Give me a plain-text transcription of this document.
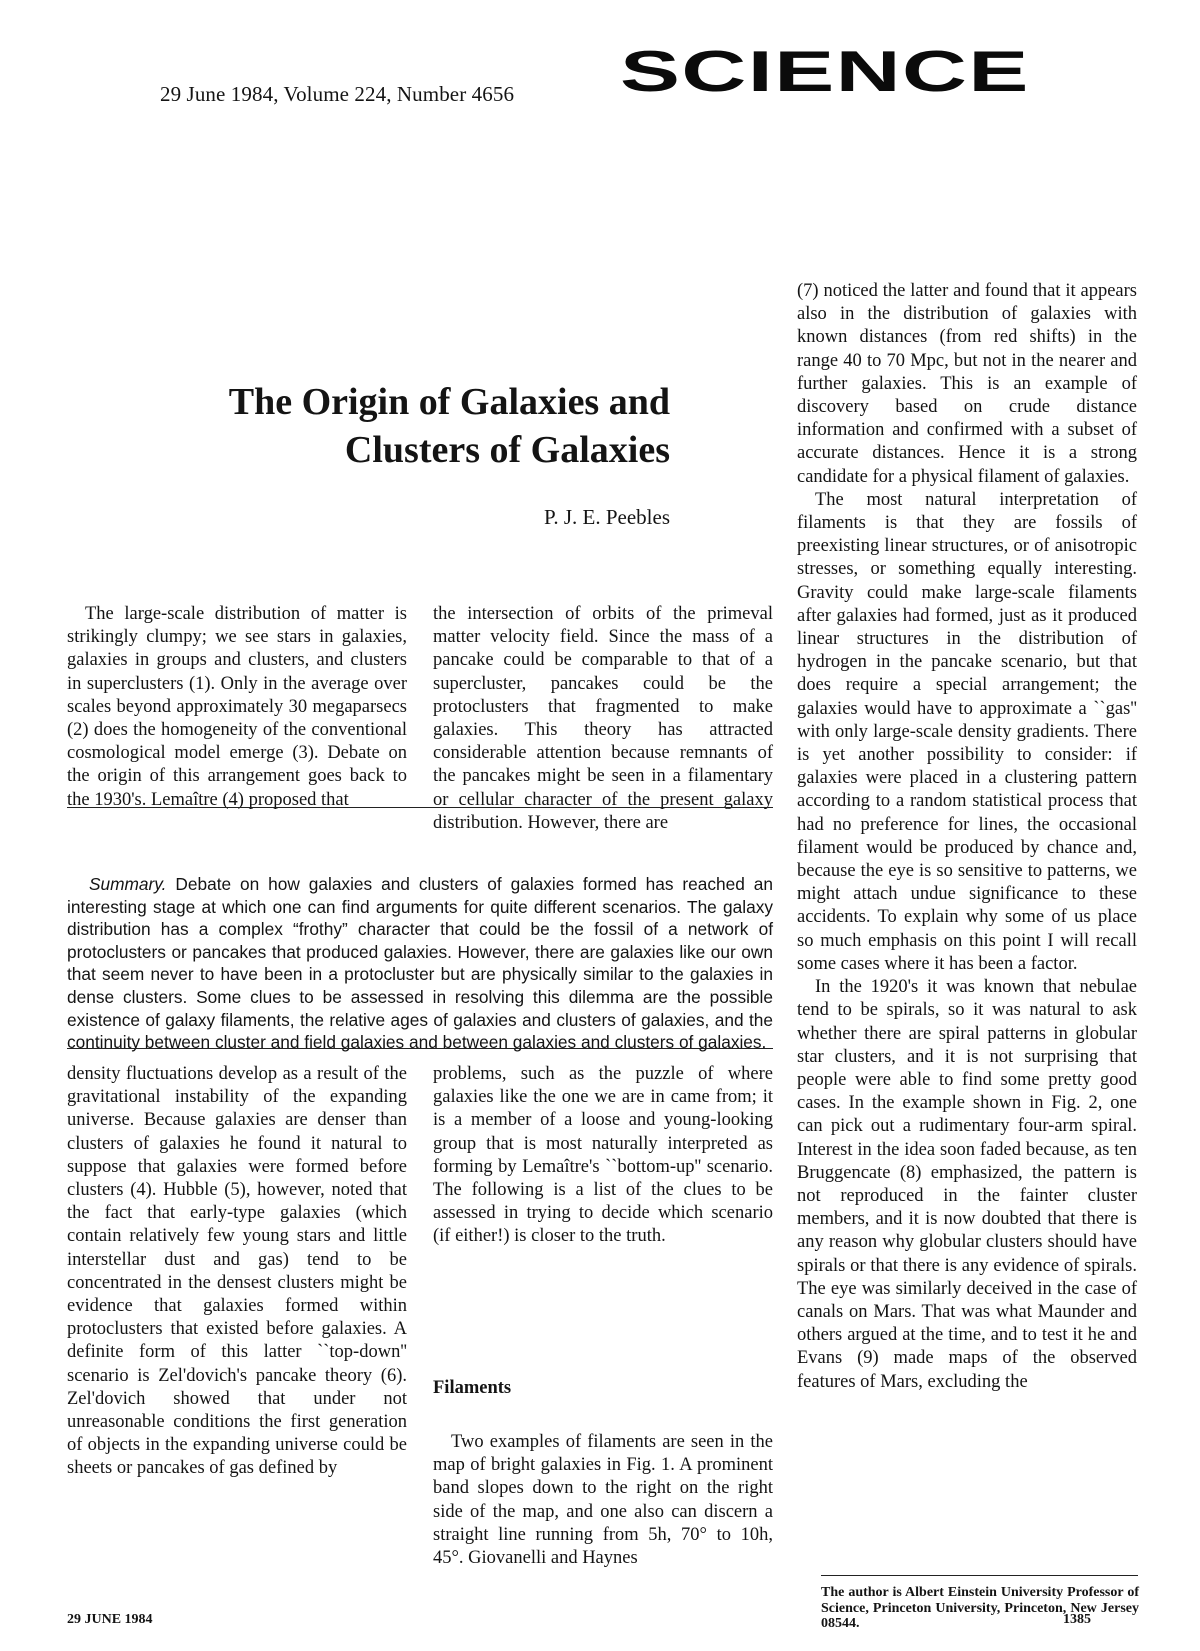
29 June 1984, Volume 224, Number 4656 SCIENCE
The Origin of Galaxies and
Clusters of Galaxies
P. J. E. Peebles

The large-scale distribution of matter is strikingly clumpy; we see stars in galaxies, galaxies in groups and clusters, and clusters in superclusters (1). Only in the average over scales beyond approximately 30 megaparsecs (2) does the homogeneity of the conventional cosmological model emerge (3). Debate on the origin of this arrangement goes back to the 1930's. Lemaître (4) proposed that

the intersection of orbits of the primeval matter velocity field. Since the mass of a pancake could be comparable to that of a supercluster, pancakes could be the protoclusters that fragmented to make galaxies. This theory has attracted considerable attention because remnants of the pancakes might be seen in a filamentary or cellular character of the present galaxy distribution. However, there are

Summary. Debate on how galaxies and clusters of galaxies formed has reached an interesting stage at which one can find arguments for quite different scenarios. The galaxy distribution has a complex “frothy” character that could be the fossil of a network of protoclusters or pancakes that produced galaxies. However, there are galaxies like our own that seem never to have been in a protocluster but are physically similar to the galaxies in dense clusters. Some clues to be assessed in resolving this dilemma are the possible existence of galaxy filaments, the relative ages of galaxies and clusters of galaxies, and the continuity between cluster and field galaxies and between galaxies and clusters of galaxies.

density fluctuations develop as a result of the gravitational instability of the expanding universe. Because galaxies are denser than clusters of galaxies he found it natural to suppose that galaxies were formed before clusters (4). Hubble (5), however, noted that the fact that early-type galaxies (which contain relatively few young stars and little interstellar dust and gas) tend to be concentrated in the densest clusters might be evidence that galaxies formed within protoclusters that existed before galaxies. A definite form of this latter ``top-down'' scenario is Zel'dovich's pancake theory (6). Zel'dovich showed that under not unreasonable conditions the first generation of objects in the expanding universe could be sheets or pancakes of gas defined by

problems, such as the puzzle of where galaxies like the one we are in came from; it is a member of a loose and young-looking group that is most naturally interpreted as forming by Lemaître's ``bottom-up'' scenario. The following is a list of the clues to be assessed in trying to decide which scenario (if either!) is closer to the truth.

Filaments

Two examples of filaments are seen in the map of bright galaxies in Fig. 1. A prominent band slopes down to the right on the right side of the map, and one also can discern a straight line running from 5h, 70° to 10h, 45°. Giovanelli and Haynes

(7) noticed the latter and found that it appears also in the distribution of galaxies with known distances (from red shifts) in the range 40 to 70 Mpc, but not in the nearer and further galaxies. This is an example of discovery based on crude distance information and confirmed with a subset of accurate distances. Hence it is a strong candidate for a physical filament of galaxies.

The most natural interpretation of filaments is that they are fossils of preexisting linear structures, or of anisotropic stresses, or something equally interesting. Gravity could make large-scale filaments after galaxies had formed, just as it produced linear structures in the distribution of hydrogen in the pancake scenario, but that does require a special arrangement; the galaxies would have to approximate a ``gas'' with only large-scale density gradients. There is yet another possibility to consider: if galaxies were placed in a clustering pattern according to a random statistical process that had no preference for lines, the occasional filament would be produced by chance and, because the eye is so sensitive to patterns, we might attach undue significance to these accidents. To explain why some of us place so much emphasis on this point I will recall some cases where it has been a factor.

In the 1920's it was known that nebulae tend to be spirals, so it was natural to ask whether there are spiral patterns in globular star clusters, and it is not surprising that people were able to find some pretty good cases. In the example shown in Fig. 2, one can pick out a rudimentary four-arm spiral. Interest in the idea soon faded because, as ten Bruggencate (8) emphasized, the pattern is not reproduced in the fainter cluster members, and it is now doubted that there is any reason why globular clusters should have spirals or that there is any evidence of spirals. The eye was similarly deceived in the case of canals on Mars. That was what Maunder and others argued at the time, and to test it he and Evans (9) made maps of the observed features of Mars, excluding the

The author is Albert Einstein University Professor of Science, Princeton University, Princeton, New Jersey 08544.
29 JUNE 1984	1385
